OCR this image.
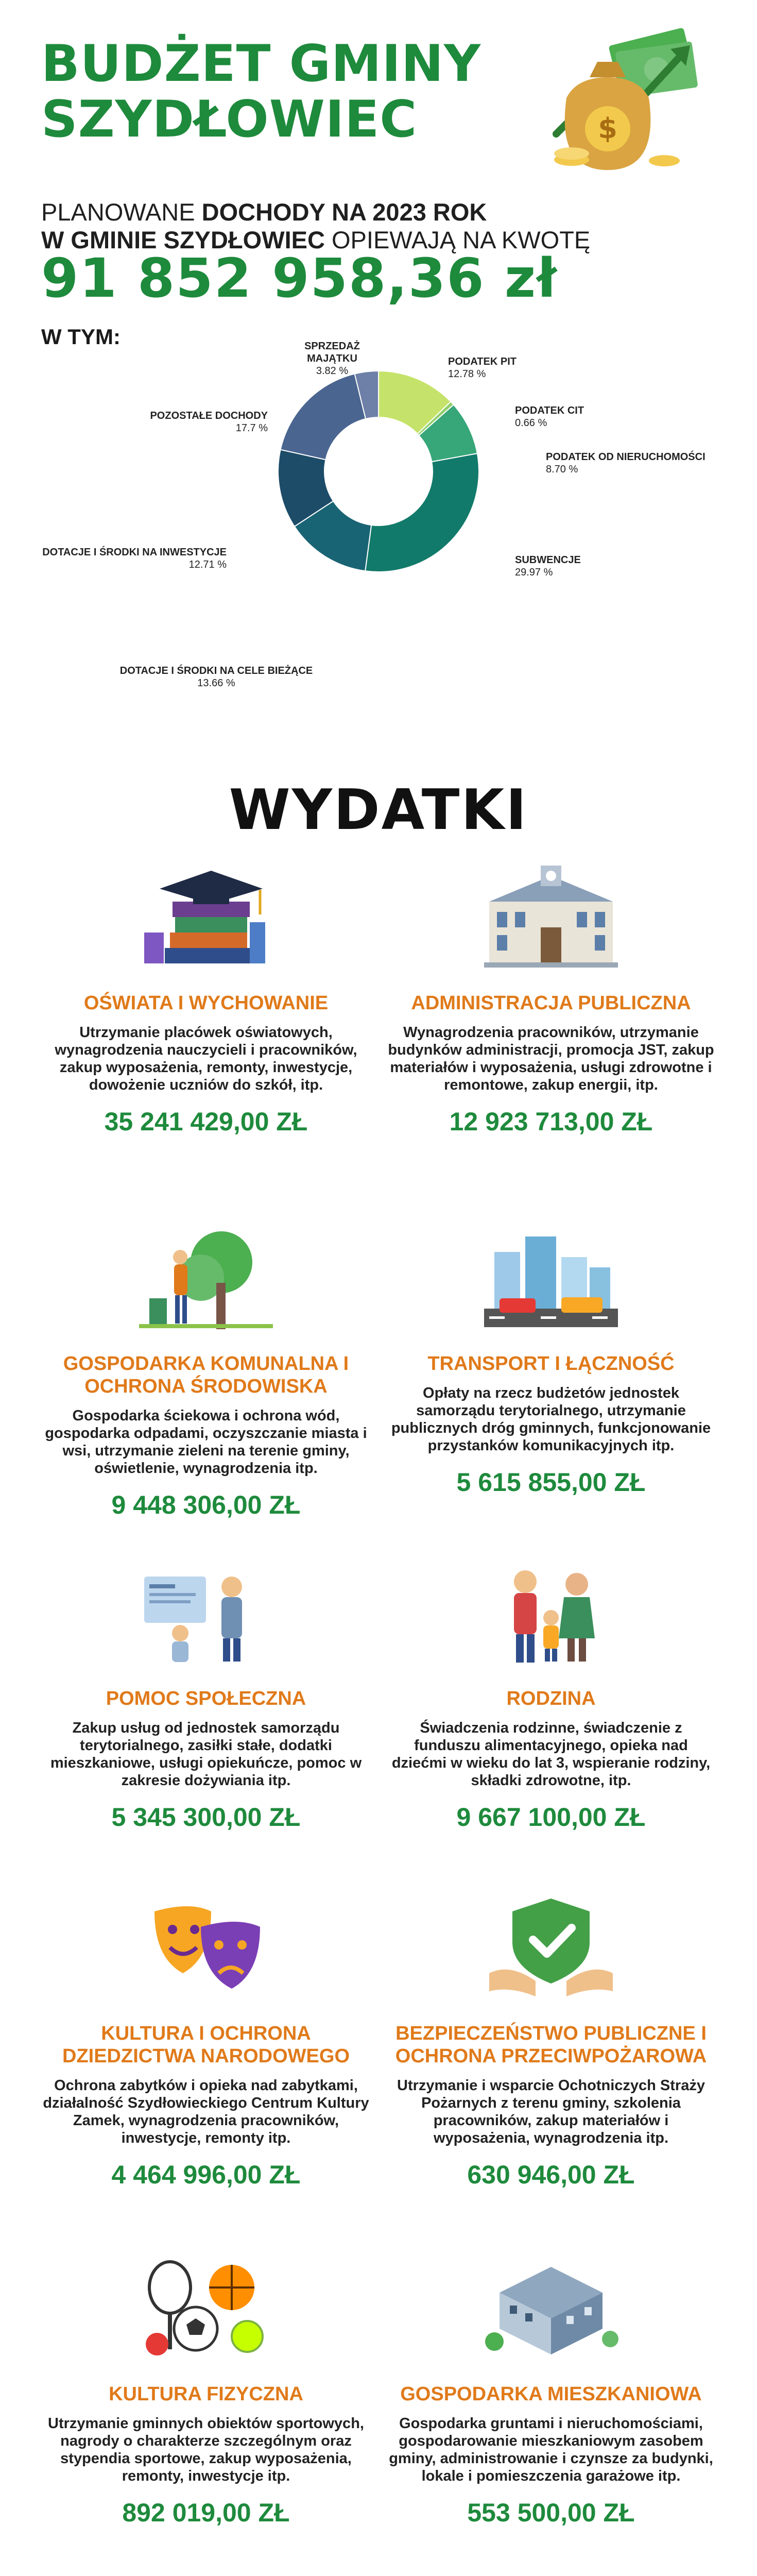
BUDŻET GMINY
SZYDŁOWIEC	$
PLANOWANE DOCHODY NA 2023 ROK
W GMINIE SZYDŁOWIEC OPIEWAJĄ NA KWOTĘ
91 852 958,36 zł
W TYM:	SPRZEDAŻ MAJĄTKU
3.82 %
PODATEK PIT
12.78 %
PODATEK CIT
0.66 %
PODATEK OD NIERUCHOMOŚCI
8.70 %
SUBWENCJE
29.97 %
DOTACJE I ŚRODKI NA CELE BIEŻĄCE
13.66 %
DOTACJE I ŚRODKI NA INWESTYCJE
12.71 %
POZOSTAŁE DOCHODY
17.7 %
WYDATKI
OŚWIATA I WYCHOWANIE
Utrzymanie placówek oświatowych, wynagrodzenia nauczycieli i pracowników, zakup wyposażenia, remonty, inwestycje, dowożenie uczniów do szkół, itp.
35 241 429,00 ZŁ
ADMINISTRACJA PUBLICZNA
Wynagrodzenia pracowników, utrzymanie budynków administracji, promocja JST, zakup materiałów i wyposażenia, usługi zdrowotne i remontowe, zakup energii, itp.
12 923 713,00 ZŁ
GOSPODARKA KOMUNALNA I OCHRONA ŚRODOWISKA
Gospodarka ściekowa i ochrona wód, gospodarka odpadami, oczyszczanie miasta i wsi, utrzymanie zieleni na terenie gminy, oświetlenie, wynagrodzenia itp.
9 448 306,00 ZŁ
TRANSPORT I ŁĄCZNOŚĆ
Opłaty na rzecz budżetów jednostek samorządu terytorialnego, utrzymanie publicznych dróg gminnych, funkcjonowanie przystanków komunikacyjnych itp.
5 615 855,00 ZŁ
POMOC SPOŁECZNA
Zakup usług od jednostek samorządu terytorialnego, zasiłki stałe, dodatki mieszkaniowe, usługi opiekuńcze, pomoc w zakresie dożywiania itp.
5 345 300,00 ZŁ
RODZINA
Świadczenia rodzinne, świadczenie z funduszu alimentacyjnego, opieka nad dziećmi w wieku do lat 3, wspieranie rodziny, składki zdrowotne, itp.
9 667 100,00 ZŁ
KULTURA I OCHRONA DZIEDZICTWA NARODOWEGO
Ochrona zabytków i opieka nad zabytkami, działalność Szydłowieckiego Centrum Kultury Zamek, wynagrodzenia pracowników, inwestycje, remonty itp.
4 464 996,00 ZŁ
BEZPIECZEŃSTWO PUBLICZNE I OCHRONA PRZECIWPOŻAROWA
Utrzymanie i wsparcie Ochotniczych Straży Pożarnych z terenu gminy, szkolenia pracowników, zakup materiałów i wyposażenia, wynagrodzenia itp.
630 946,00 ZŁ
KULTURA FIZYCZNA
Utrzymanie gminnych obiektów sportowych, nagrody o charakterze szczególnym oraz stypendia sportowe, zakup wyposażenia, remonty, inwestycje itp.
892 019,00 ZŁ
GOSPODARKA MIESZKANIOWA
Gospodarka gruntami i nieruchomościami, gospodarowanie mieszkaniowym zasobem gminy, administrowanie i czynsze za budynki, lokale i pomieszczenia garażowe itp.
553 500,00 ZŁ
